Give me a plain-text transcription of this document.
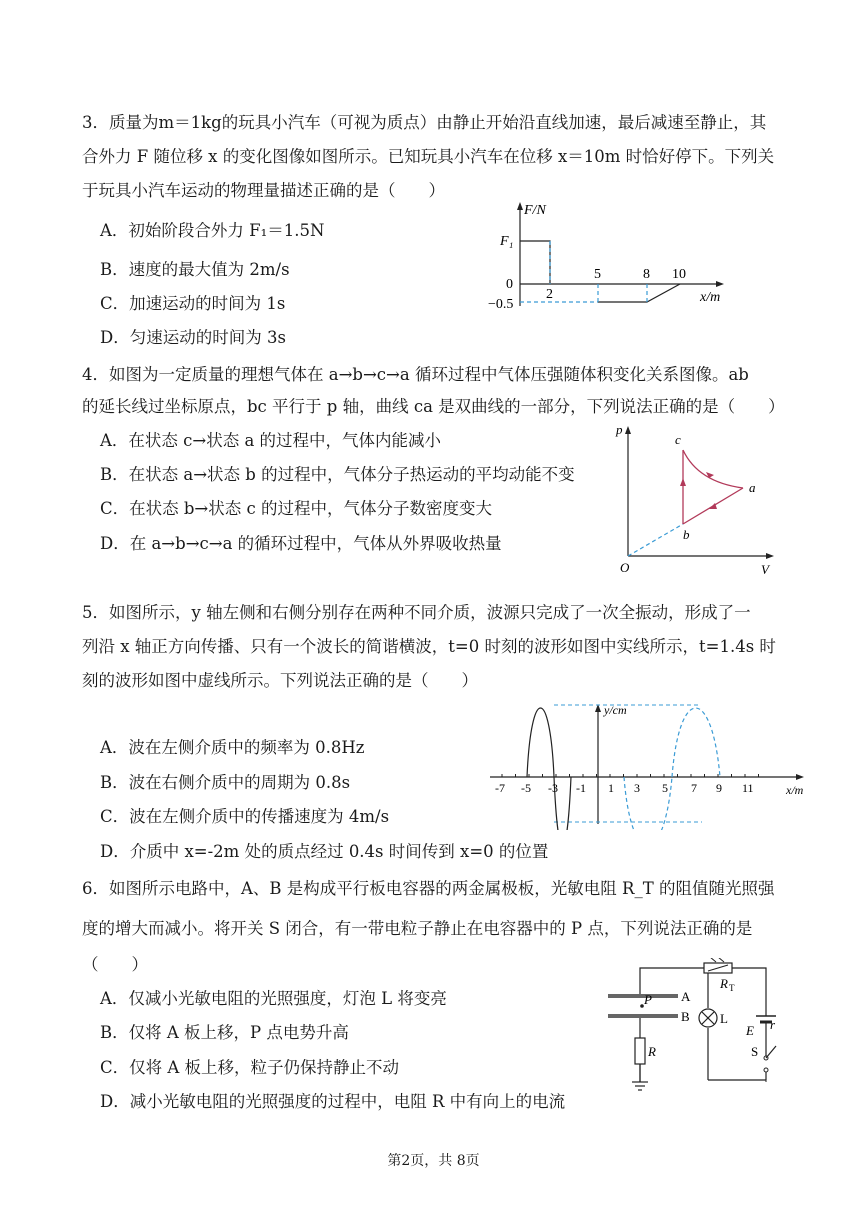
3．质量为m＝1kg的玩具小汽车（可视为质点）由静止开始沿直线加速，最后减速至静止，其
合外力 F 随位移 x 的变化图像如图所示。已知玩具小汽车在位移 x＝10m 时恰好停下。下列关
于玩具小汽车运动的物理量描述正确的是（　　）
A．初始阶段合外力 F₁＝1.5N
B．速度的最大值为 2m/s
C．加速运动的时间为 1s
D．匀速运动的时间为 3s
F/N
F₁
0
−0.5
2
5	8 10
x/m
4．如图为一定质量的理想气体在 a→b→c→a 循环过程中气体压强随体积变化关系图像。ab
的延长线过坐标原点，bc 平行于 p 轴，曲线 ca 是双曲线的一部分，下列说法正确的是（　　）
A．在状态 c→状态 a 的过程中，气体内能减小
B．在状态 a→状态 b 的过程中，气体分子热运动的平均动能不变
C．在状态 b→状态 c 的过程中，气体分子数密度变大
D．在 a→b→c→a 的循环过程中，气体从外界吸收热量
p
V
O
c
a
b
5．如图所示，y 轴左侧和右侧分别存在两种不同介质，波源只完成了一次全振动，形成了一
列沿 x 轴正方向传播、只有一个波长的简谐横波，t=0 时刻的波形如图中实线所示，t=1.4s 时
刻的波形如图中虚线所示。下列说法正确的是（　　）
A．波在左侧介质中的频率为 0.8Hz
B．波在右侧介质中的周期为 0.8s
C．波在左侧介质中的传播速度为 4m/s
D．介质中 x=-2m 处的质点经过 0.4s 时间传到 x=0 的位置
y/cm
x/m
-7 -5 -3 -1 1 3 5 7 9 11
6．如图所示电路中，A、B 是构成平行板电容器的两金属极板，光敏电阻 R_T 的阻值随光照强
度的增大而减小。将开关 S 闭合，有一带电粒子静止在电容器中的 P 点，下列说法正确的是
（　　）
A．仅减小光敏电阻的光照强度，灯泡 L 将变亮
B．仅将 A 板上移，P 点电势升高
C．仅将 A 板上移，粒子仍保持静止不动
D．减小光敏电阻的光照强度的过程中，电阻 R 中有向上的电流
A
B
P
L
R
R T
E r
S
第2页，共 8页
